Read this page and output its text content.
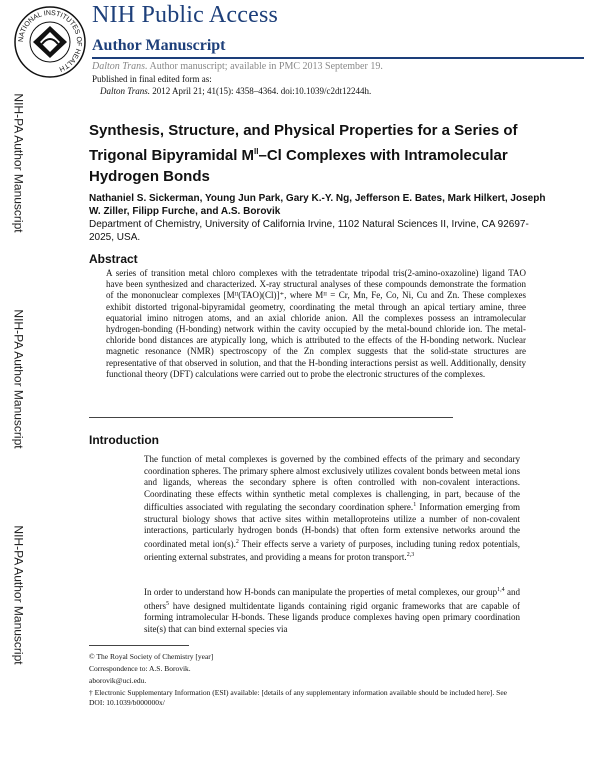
NATIONAL INSTITUTES OF HEALTH
NIH Public Access
Author Manuscript
Dalton Trans. Author manuscript; available in PMC 2013 September 19.
Published in final edited form as:
Dalton Trans. 2012 April 21; 41(15): 4358–4364. doi:10.1039/c2dt12244h.
NIH-PA Author Manuscript
NIH-PA Author Manuscript
NIH-PA Author Manuscript
Synthesis, Structure, and Physical Properties for a Series of Trigonal Bipyramidal $M^{II}-Cl$ Complexes with Intramolecular Hydrogen Bonds
Nathaniel S. Sickerman, Young Jun Park, Gary K.-Y. Ng, Jefferson E. Bates, Mark Hilkert, Joseph W. Ziller, Filipp Furche, and A.S. Borovik
Department of Chemistry, University of California Irvine, 1102 Natural Sciences II, Irvine, CA 92697-2025, USA.
Abstract
A series of transition metal chloro complexes with the tetradentate tripodal tris(2-amino-oxazoline) ligand TAO have been synthesized and characterized. X-ray structural analyses of these compounds demonstrate the formation of the mononuclear complexes [Mᴵᴵ(TAO)(Cl)]⁺, where Mᴵᴵ = Cr, Mn, Fe, Co, Ni, Cu and Zn. These complexes exhibit distorted trigonal-bipyramidal geometry, coordinating the metal through an apical tertiary amine, three equatorial imino nitrogen atoms, and an axial chloride anion. All the complexes possess an intramolecular hydrogen-bonding (H-bonding) network within the cavity occupied by the metal-bound chloride ion. The metal-chloride bond distances are atypically long, which is attributed to the effects of the H-bonding network. Nuclear magnetic resonance (NMR) spectroscopy of the Zn complex suggests that the solid-state structures are representative of that observed in solution, and that the H-bonding interactions persist as well. Additionally, density functional theory (DFT) calculations were carried out to probe the electronic structures of the complexes.
Introduction
The function of metal complexes is governed by the combined effects of the primary and secondary coordination spheres. The primary sphere almost exclusively utilizes covalent bonds between metal ions and ligands, whereas the secondary sphere is often controlled with non-covalent interactions. Coordinating these effects within synthetic metal complexes is challenging, in part, because of the difficulties associated with regulating the secondary coordination sphere.$^1$ Information emerging from structural biology shows that active sites within metalloproteins utilize a number of non-covalent interactions, particularly hydrogen bonds (H-bonds) that often form extensive networks around the coordinated metal ion(s).$^2$ Their effects serve a variety of purposes, including tuning redox potentials, orienting external substrates, and providing a means for proton transport.$^{2,3}$
In order to understand how H-bonds can manipulate the properties of metal complexes, our group$^{1,4}$ and others$^5$ have designed multidentate ligands containing rigid organic frameworks that are capable of forming intramolecular H-bonds. These ligands produce complexes having open primary coordination site(s) that can bind external species via
© The Royal Society of Chemistry [year]
Correspondence to: A.S. Borovik.
aborovik@uci.edu.
† Electronic Supplementary Information (ESI) available: [details of any supplementary information available should be included here]. See DOI: 10.1039/b000000x/
